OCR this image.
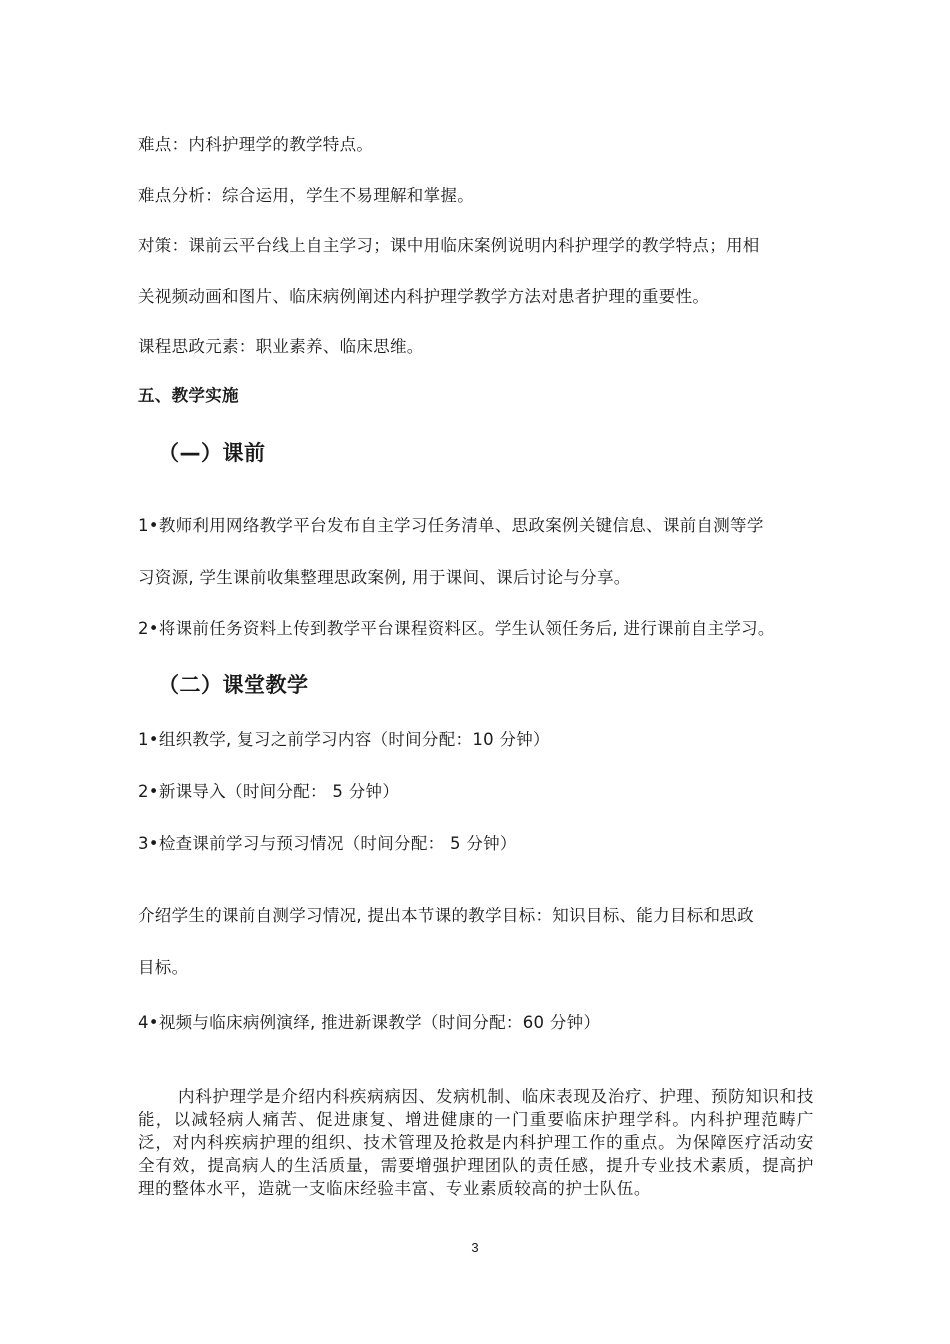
难点：内科护理学的教学特点。
难点分析：综合运用，学生不易理解和掌握。
对策：课前云平台线上自主学习；课中用临床案例说明内科护理学的教学特点；用相
关视频动画和图片、临床病例阐述内科护理学教学方法对患者护理的重要性。
课程思政元素：职业素养、临床思维。
五、教学实施
（—）课前
1•教师利用网络教学平台发布自主学习任务清单、思政案例关键信息、课前自测等学
习资源, 学生课前收集整理思政案例, 用于课间、课后讨论与分享。
2•将课前任务资料上传到教学平台课程资料区。学生认领任务后, 进行课前自主学习。
（二）课堂教学
1•组织教学, 复习之前学习内容（时间分配：10 分钟）
2•新课导入（时间分配： 5 分钟）
3•检查课前学习与预习情况（时间分配： 5 分钟）
介绍学生的课前自测学习情况, 提出本节课的教学目标：知识目标、能力目标和思政
目标。
4•视频与临床病例演绎, 推进新课教学（时间分配：60 分钟）
内科护理学是介绍内科疾病病因、发病机制、临床表现及治疗、护理、预防知识和技能，以减轻病人痛苦、促进康复、增进健康的一门重要临床护理学科。内科护理范畴广泛，对内科疾病护理的组织、技术管理及抢救是内科护理工作的重点。为保障医疗活动安全有效，提高病人的生活质量，需要增强护理团队的责任感，提升专业技术素质，提高护理的整体水平，造就一支临床经验丰富、专业素质较高的护士队伍。
3
